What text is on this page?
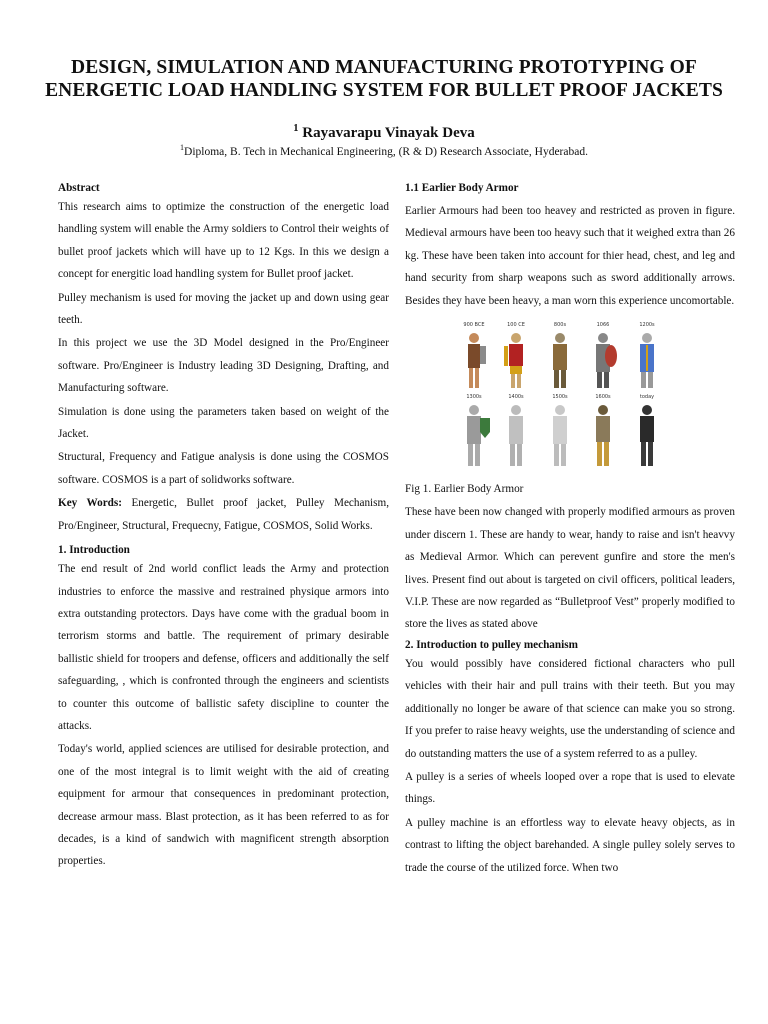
DESIGN, SIMULATION AND MANUFACTURING PROTOTYPING OF ENERGETIC LOAD HANDLING SYSTEM FOR BULLET PROOF JACKETS
$^1$ Rayavarapu Vinayak Deva
$^1$Diploma, B. Tech in Mechanical Engineering, (R & D) Research Associate, Hyderabad.
Abstract

This research aims to optimize the construction of the energetic load handling system will enable the Army soldiers to Control their weights of bullet proof jackets which will have up to 12 Kgs. In this we design a concept for energitic load handling system for Bullet proof jacket.

Pulley mechanism is used for moving the jacket up and down using gear teeth.

In this project we use the 3D Model designed in the Pro/Engineer software. Pro/Engineer is Industry leading 3D Designing, Drafting, and Manufacturing software.

Simulation is done using the parameters taken based on weight of the Jacket.

Structural, Frequency and Fatigue analysis is done using the COSMOS software. COSMOS is a part of solidworks software.

Key Words: Energetic, Bullet proof jacket, Pulley Mechanism, Pro/Engineer, Structural, Frequecny, Fatigue, COSMOS, Solid Works.

1. Introduction

The end result of 2nd world conflict leads the Army and protection industries to enforce the massive and restrained physique armors into extra outstanding protectors. Days have come with the gradual boom in terrorism storms and battle. The requirement of primary desirable ballistic shield for troopers and defense, officers and additionally the self safeguarding, , which is confronted through the engineers and scientists to counter this outcome of ballistic safety discipline to counter the attacks.

Today's world, applied sciences are utilised for desirable protection, and one of the most integral is to limit weight with the aid of creating equipment for armour that consequences in predominant protection, decrease armour mass. Blast protection, as it has been referred to as for decades, is a kind of sandwich with magnificent strength absorption properties.

1.1 Earlier Body Armor

Earlier Armours had been too heavey and restricted as proven in figure. Medieval armours have been too heavy such that it weighed extra than 26 kg. These have been taken into account for thier head, chest, and leg and hand security from sharp weapons such as sword additionally arrows. Besides they have been heavy, a man worn this experience uncomortable.

900 BCE	100 CE	800s	1066	1200s
1300s	1400s	1500s	1600s	today

Fig 1. Earlier Body Armor

These have been now changed with properly modified armours as proven under discern 1. These are handy to wear, handy to raise and isn't heavvy as Medieval Armor. Which can perevent gunfire and store the men's lives. Present find out about is targeted on civil officers, political leaders, V.I.P. These are now regarded as “Bulletproof Vest” properly modified to store the lives as stated above

2. Introduction to pulley mechanism

You would possibly have considered fictional characters who pull vehicles with their hair and pull trains with their teeth. But you may additionally no longer be aware of that science can make you so strong. If you prefer to raise heavy weights, use the understanding of science and do outstanding matters the use of a system referred to as a pulley.

A pulley is a series of wheels looped over a rope that is used to elevate things.

A pulley machine is an effortless way to elevate heavy objects, as in contrast to lifting the object barehanded. A single pulley solely serves to trade the course of the utilized force. When two
